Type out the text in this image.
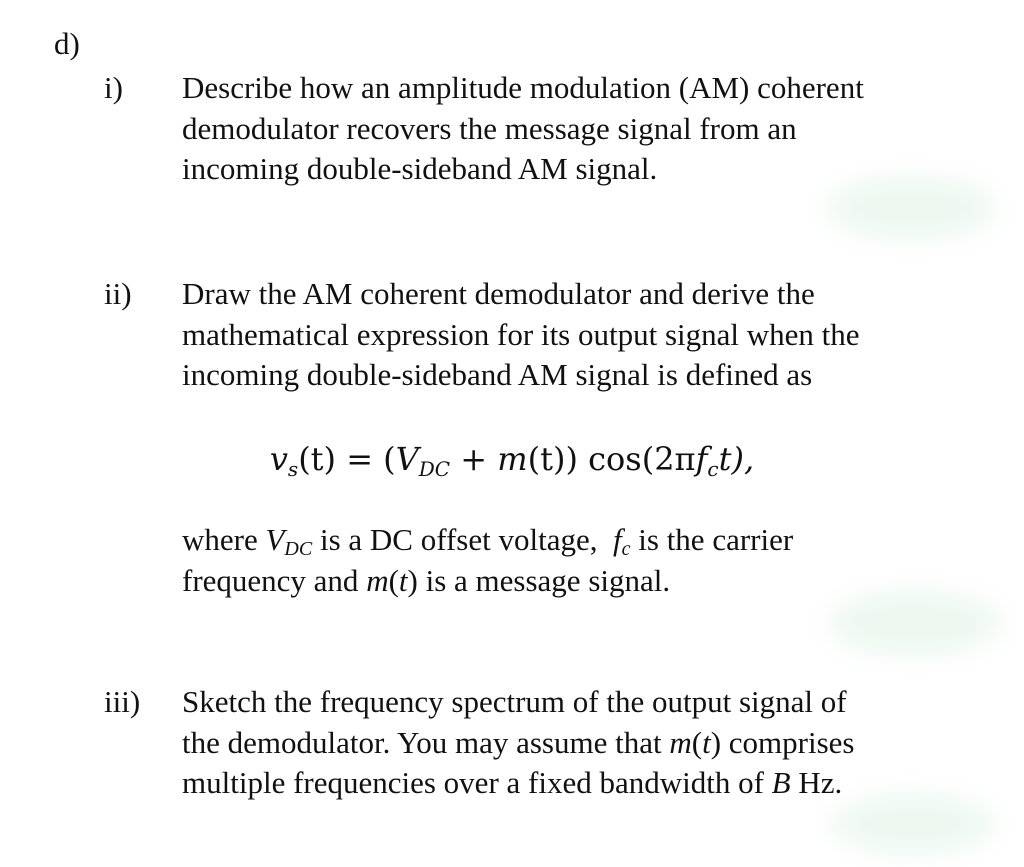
d)
i) Describe how an amplitude modulation (AM) coherent
demodulator recovers the message signal from an
incoming double-sideband AM signal.
ii) Draw the AM coherent demodulator and derive the
mathematical expression for its output signal when the
incoming double-sideband AM signal is defined as
$v_s(t) = (V_{DC} + m(t))$ $\cos(2\pi f_ct)$,
where $V_{DC}$ is a DC offset voltage,  $f_c$ is the carrier
frequency and m(t) is a message signal.
iii) Sketch the frequency spectrum of the output signal of
the demodulator. You may assume that m(t) comprises
multiple frequencies over a fixed bandwidth of B Hz.
